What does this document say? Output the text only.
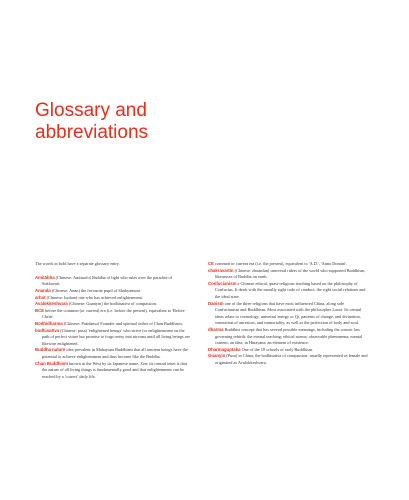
Glossary and
abbreviations

The words in bold have a separate glossary entry.

Amitābha (Chinese: Amituofo) Buddha of light who rules over the paradise of Sukhavati.

Ananda (Chinese: Anan) the favourite pupil of Shakyamuni.

arhat (Chinese: luohan) one who has achieved enlightenment.

Avalokiteshvara (Chinese: Guanyin) the bodhisattva of compassion.

BCE before the common (or current) era (i.e. before the present), equivalent to 'Before Christ'.

Bodhidharma (Chinese: Putidamo) Founder and spiritual father of Chan Buddhism.

bodhisattva (Chinese: pusa) 'enlightened beings' who strive for enlightenment on the path of perfect virtue but promise to forgo entry into nirvana until all living beings are likewise enlightened.

Buddha nature idea prevalent in Mahayana Buddhism that all sentient beings have the potential to achieve enlightenment and thus become like the Buddha.

Chan Buddhism known in the West by its Japanese name, Zen: its central tenet is that the nature of all living things is fundamentally good and that enlightenment can be reached by a 'correct' daily life.

CE common or current era (i.e. the present), equivalent to 'A.D.', 'Anno Domini'.

chakravartin (Chinese: zhuanlun) universal rulers of the world who supported Buddhism, likenesses of Buddha on earth.

Confucianism a Chinese ethical, quasi-religious teaching based on the philosophy of Confucius. It deals with the morally right code of conduct, the right social relations and the ideal state.

Daoism one of the three religions that have most influenced China, along side Confucianism and Buddhism. Most associated with the philosopher Laozi. Its central ideas relate to cosmology, universal energy or Qi, patterns of change, and divination, veneration of ancestors, and immortality, as well as the perfection of body and soul.

dharma Buddhist concept that has several possible meanings, including the cosmic law governing rebirth; the eternal teaching; ethical norms; observable phenomena; mental content; an idea; in Hinayana, an element of existence.

Dharmaguptaka One of the 18 schools of early Buddhism.

Guanyin (Pusa) in China, the bodhisattva of compassion: usually represented as female and originated as Avalokiteshvara.
